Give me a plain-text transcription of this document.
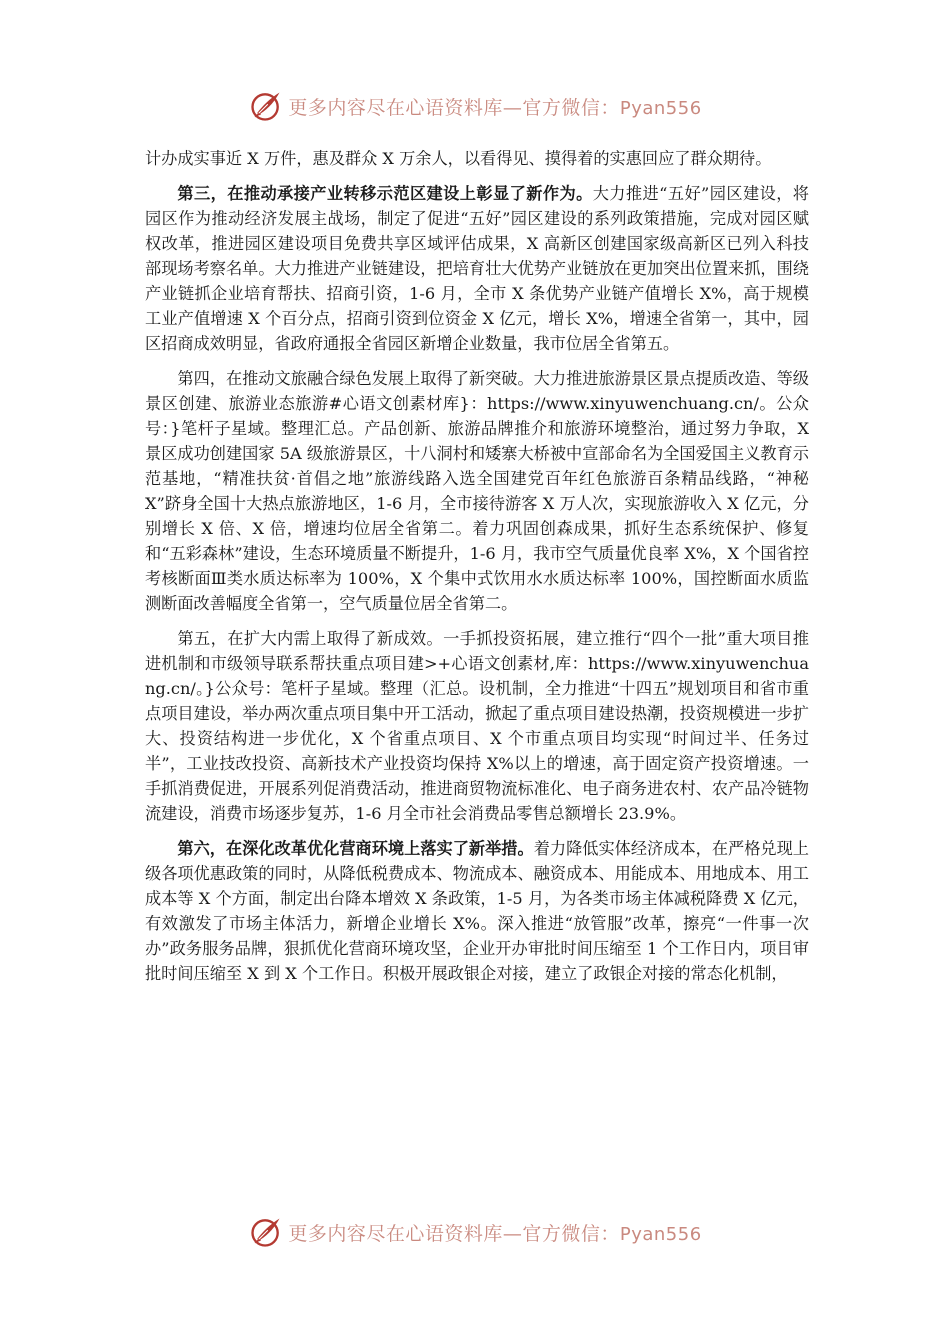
更多内容尽在心语资料库—官方微信：Pyan556

计办成实事近 X 万件，惠及群众 X 万余人，以看得见、摸得着的实惠回应了群众期待。

第三，在推动承接产业转移示范区建设上彰显了新作为。大力推进“五好”园区建设，将园区作为推动经济发展主战场，制定了促进“五好”园区建设的系列政策措施，完成对园区赋权改革，推进园区建设项目免费共享区域评估成果，X 高新区创建国家级高新区已列入科技部现场考察名单。大力推进产业链建设，把培育壮大优势产业链放在更加突出位置来抓，围绕产业链抓企业培育帮扶、招商引资，1-6 月，全市 X 条优势产业链产值增长 X%，高于规模工业产值增速 X 个百分点，招商引资到位资金 X 亿元，增长 X%，增速全省第一，其中，园区招商成效明显，省政府通报全省园区新增企业数量，我市位居全省第五。

第四，在推动文旅融合绿色发展上取得了新突破。大力推进旅游景区景点提质改造、等级景区创建、旅游业态旅游#心语文创素材库}：https://www.xinyuwenchuang.cn/。公众号：}笔杆子星域。整理汇总。产品创新、旅游品牌推介和旅游环境整治，通过努力争取，X 景区成功创建国家 5A 级旅游景区，十八洞村和矮寨大桥被中宣部命名为全国爱国主义教育示范基地，“精准扶贫·首倡之地”旅游线路入选全国建党百年红色旅游百条精品线路，“神秘 X”跻身全国十大热点旅游地区，1-6 月，全市接待游客 X 万人次，实现旅游收入 X 亿元，分别增长 X 倍、X 倍，增速均位居全省第二。着力巩固创森成果，抓好生态系统保护、修复和“五彩森林”建设，生态环境质量不断提升，1-6 月，我市空气质量优良率 X%，X 个国省控考核断面Ⅲ类水质达标率为 100%，X 个集中式饮用水水质达标率 100%，国控断面水质监测断面改善幅度全省第一，空气质量位居全省第二。

第五，在扩大内需上取得了新成效。一手抓投资拓展，建立推行“四个一批”重大项目推进机制和市级领导联系帮扶重点项目建>+心语文创素材,库：https://www.xinyuwenchuang.cn/。}公众号：笔杆子星域。整理（汇总。设机制，全力推进“十四五”规划项目和省市重点项目建设，举办两次重点项目集中开工活动，掀起了重点项目建设热潮，投资规模进一步扩大、投资结构进一步优化，X 个省重点项目、X 个市重点项目均实现“时间过半、任务过半”，工业技改投资、高新技术产业投资均保持 X%以上的增速，高于固定资产投资增速。一手抓消费促进，开展系列促消费活动，推进商贸物流标准化、电子商务进农村、农产品冷链物流建设，消费市场逐步复苏，1-6 月全市社会消费品零售总额增长 23.9%。

第六，在深化改革优化营商环境上落实了新举措。着力降低实体经济成本，在严格兑现上级各项优惠政策的同时，从降低税费成本、物流成本、融资成本、用能成本、用地成本、用工成本等 X 个方面，制定出台降本增效 X 条政策，1-5 月，为各类市场主体减税降费 X 亿元，有效激发了市场主体活力，新增企业增长 X%。深入推进“放管服”改革，擦亮“一件事一次办”政务服务品牌，狠抓优化营商环境攻坚，企业开办审批时间压缩至 1 个工作日内，项目审批时间压缩至 X 到 X 个工作日。积极开展政银企对接，建立了政银企对接的常态化机制，

更多内容尽在心语资料库—官方微信：Pyan556
